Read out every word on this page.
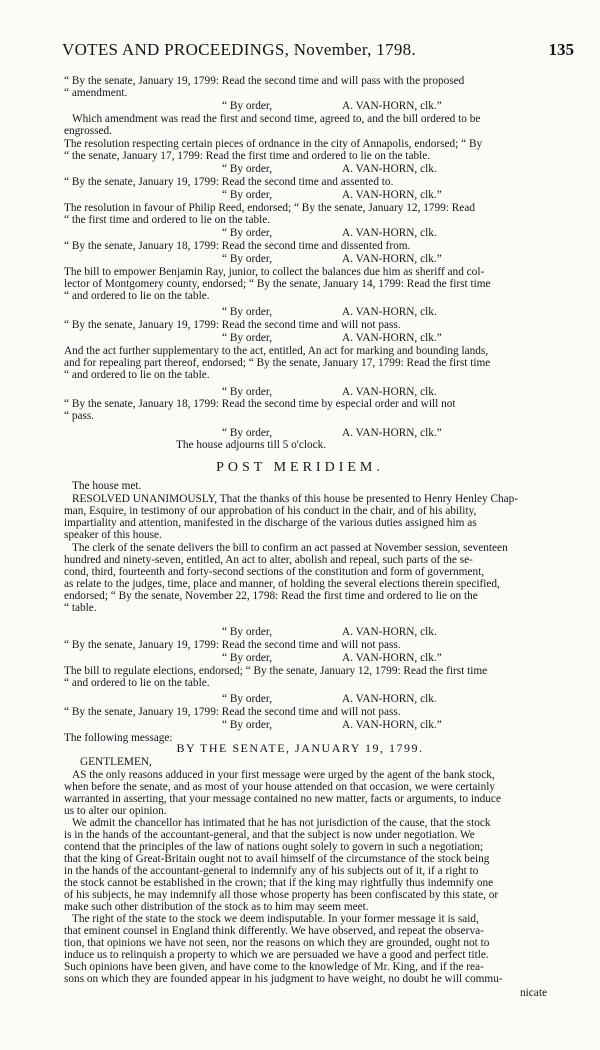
VOTES AND PROCEEDINGS, November, 1798.	135
“ By the senate, January 19, 1799: Read the second time and will pass with the proposed
“ amendment.
“ By order,                         A. VAN-HORN, clk.”
Which amendment was read the first and second time, agreed to, and the bill ordered to be
engrossed.
The resolution respecting certain pieces of ordnance in the city of Annapolis, endorsed; “ By
“ the senate, January 17, 1799: Read the first time and ordered to lie on the table.
“ By order,                         A. VAN-HORN, clk.
“ By the senate, January 19, 1799: Read the second time and assented to.
“ By order,                         A. VAN-HORN, clk.”
The resolution in favour of Philip Reed, endorsed; “ By the senate, January 12, 1799: Read
“ the first time and ordered to lie on the table.
“ By order,                         A. VAN-HORN, clk.
“ By the senate, January 18, 1799: Read the second time and dissented from.
“ By order,                         A. VAN-HORN, clk.”
The bill to empower Benjamin Ray, junior, to collect the balances due him as sheriff and col-
lector of Montgomery county, endorsed; “ By the senate, January 14, 1799: Read the first time
“ and ordered to lie on the table.
“ By order,                         A. VAN-HORN, clk.
“ By the senate, January 19, 1799: Read the second time and will not pass.
“ By order,                         A. VAN-HORN, clk.”
And the act further supplementary to the act, entitled, An act for marking and bounding lands,
and for repealing part thereof, endorsed; “ By the senate, January 17, 1799: Read the first time
“ and ordered to lie on the table.
“ By order,                         A. VAN-HORN, clk.
“ By the senate, January 18, 1799: Read the second time by especial order and will not
“ pass.
“ By order,                         A. VAN-HORN, clk.”
The house adjourns till 5 o'clock.
POST MERIDIEM.
The house met.
RESOLVED UNANIMOUSLY, That the thanks of this house be presented to Henry Henley Chap-
man, Esquire, in testimony of our approbation of his conduct in the chair, and of his ability,
impartiality and attention, manifested in the discharge of the various duties assigned him as
speaker of this house.
The clerk of the senate delivers the bill to confirm an act passed at November session, seventeen
hundred and ninety-seven, entitled, An act to alter, abolish and repeal, such parts of the se-
cond, third, fourteenth and forty-second sections of the constitution and form of government,
as relate to the judges, time, place and manner, of holding the several elections therein specified,
endorsed; “ By the senate, November 22, 1798: Read the first time and ordered to lie on the
“ table.
“ By order,                         A. VAN-HORN, clk.
“ By the senate, January 19, 1799: Read the second time and will not pass.
“ By order,                         A. VAN-HORN, clk.”
The bill to regulate elections, endorsed; “ By the senate, January 12, 1799: Read the first time
“ and ordered to lie on the table.
“ By order,                         A. VAN-HORN, clk.
“ By the senate, January 19, 1799: Read the second time and will not pass.
“ By order,                         A. VAN-HORN, clk.”
The following message:
BY THE SENATE, JANUARY 19, 1799.
GENTLEMEN,
AS the only reasons adduced in your first message were urged by the agent of the bank stock,
when before the senate, and as most of your house attended on that occasion, we were certainly
warranted in asserting, that your message contained no new matter, facts or arguments, to induce
us to alter our opinion.
We admit the chancellor has intimated that he has not jurisdiction of the cause, that the stock
is in the hands of the accountant-general, and that the subject is now under negotiation. We
contend that the principles of the law of nations ought solely to govern in such a negotiation;
that the king of Great-Britain ought not to avail himself of the circumstance of the stock being
in the hands of the accountant-general to indemnify any of his subjects out of it, if a right to
the stock cannot be established in the crown; that if the king may rightfully thus indemnify one
of his subjects, he may indemnify all those whose property has been confiscated by this state, or
make such other distribution of the stock as to him may seem meet.
The right of the state to the stock we deem indisputable. In your former message it is said,
that eminent counsel in England think differently. We have observed, and repeat the observa-
tion, that opinions we have not seen, nor the reasons on which they are grounded, ought not to
induce us to relinquish a property to which we are persuaded we have a good and perfect title.
Such opinions have been given, and have come to the knowledge of Mr. King, and if the rea-
sons on which they are founded appear in his judgment to have weight, no doubt he will commu-
nicate
